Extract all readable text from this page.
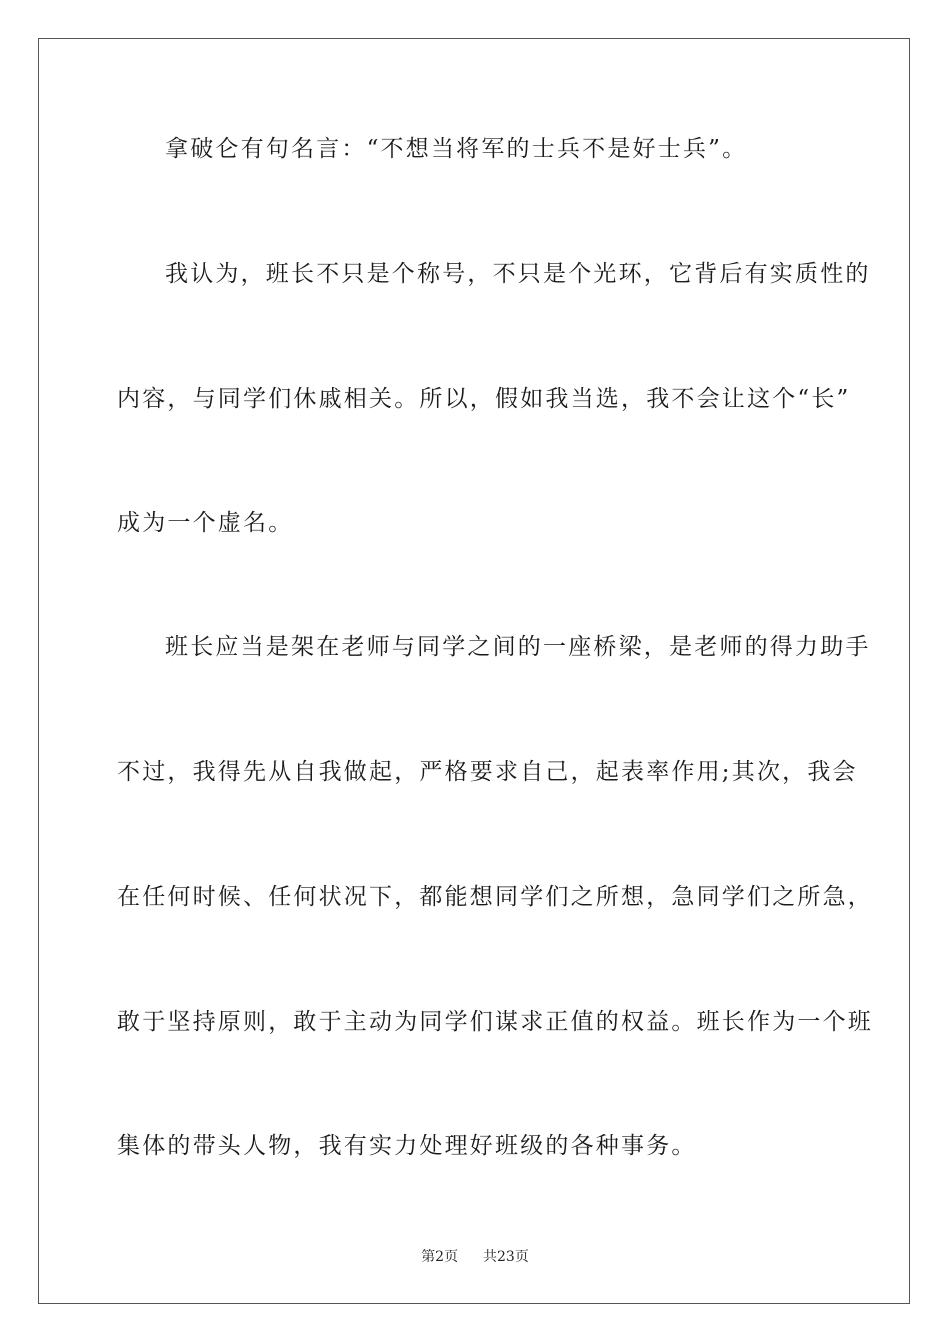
拿破仑有句名言：“不想当将军的士兵不是好士兵”。
我认为，班长不只是个称号，不只是个光环，它背后有实质性的
内容，与同学们休戚相关。所以，假如我当选，我不会让这个“长”
成为一个虚名。
班长应当是架在老师与同学之间的一座桥梁，是老师的得力助手
不过，我得先从自我做起，严格要求自己，起表率作用;其次，我会
在任何时候、任何状况下，都能想同学们之所想，急同学们之所急，
敢于坚持原则，敢于主动为同学们谋求正值的权益。班长作为一个班
集体的带头人物，我有实力处理好班级的各种事务。
第2页 共23页
